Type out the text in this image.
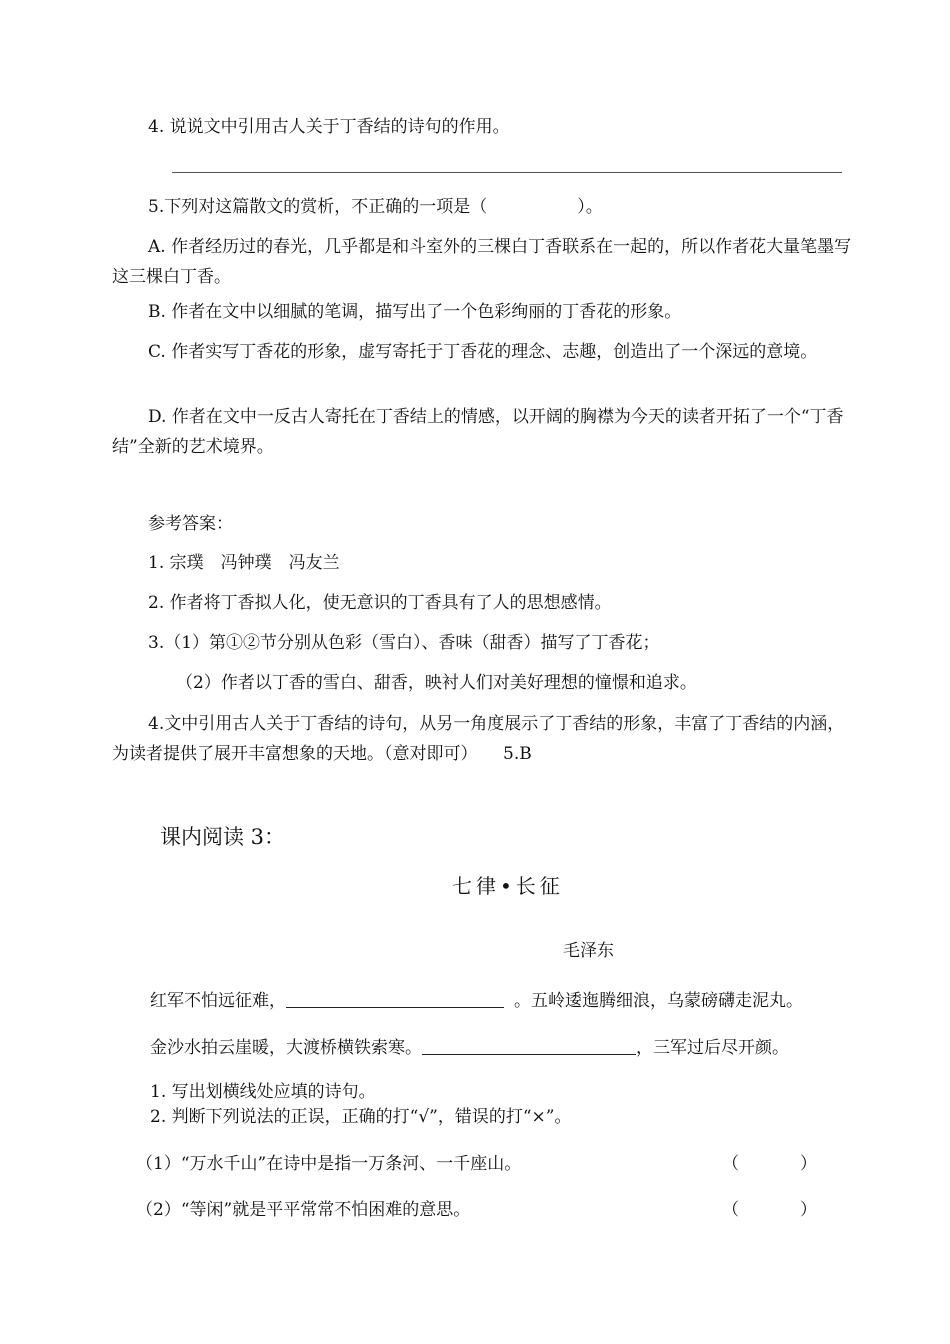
4. 说说文中引用古人关于丁香结的诗句的作用。
5.下列对这篇散文的赏析，不正确的一项是（	）。
A. 作者经历过的春光，几乎都是和斗室外的三棵白丁香联系在一起的，所以作者花大量笔墨写这三棵白丁香。
B. 作者在文中以细腻的笔调，描写出了一个色彩绚丽的丁香花的形象。
C. 作者实写丁香花的形象，虚写寄托于丁香花的理念、志趣，创造出了一个深远的意境。
D. 作者在文中一反古人寄托在丁香结上的情感，以开阔的胸襟为今天的读者开拓了一个“丁香结”全新的艺术境界。
参考答案：
1. 宗璞　冯钟璞　冯友兰
2. 作者将丁香拟人化，使无意识的丁香具有了人的思想感情。
3.（1）第①②节分别从色彩（雪白）、香味（甜香）描写了丁香花；
（2）作者以丁香的雪白、甜香，映衬人们对美好理想的憧憬和追求。
4.文中引用古人关于丁香结的诗句，从另一角度展示了丁香结的形象，丰富了丁香结的内涵，为读者提供了展开丰富想象的天地。（意对即可）　　5.B
课内阅读 3：
七律•长征
毛泽东
红军不怕远征难，	。五岭逶迤腾细浪，乌蒙磅礴走泥丸。
金沙水拍云崖暖，大渡桥横铁索寒。	，三军过后尽开颜。
1. 写出划横线处应填的诗句。
2. 判断下列说法的正误，正确的打“√”，错误的打“×”。
（1）“万水千山”在诗中是指一万条河、一千座山。	（	）
（2）“等闲”就是平平常常不怕困难的意思。	（	）
